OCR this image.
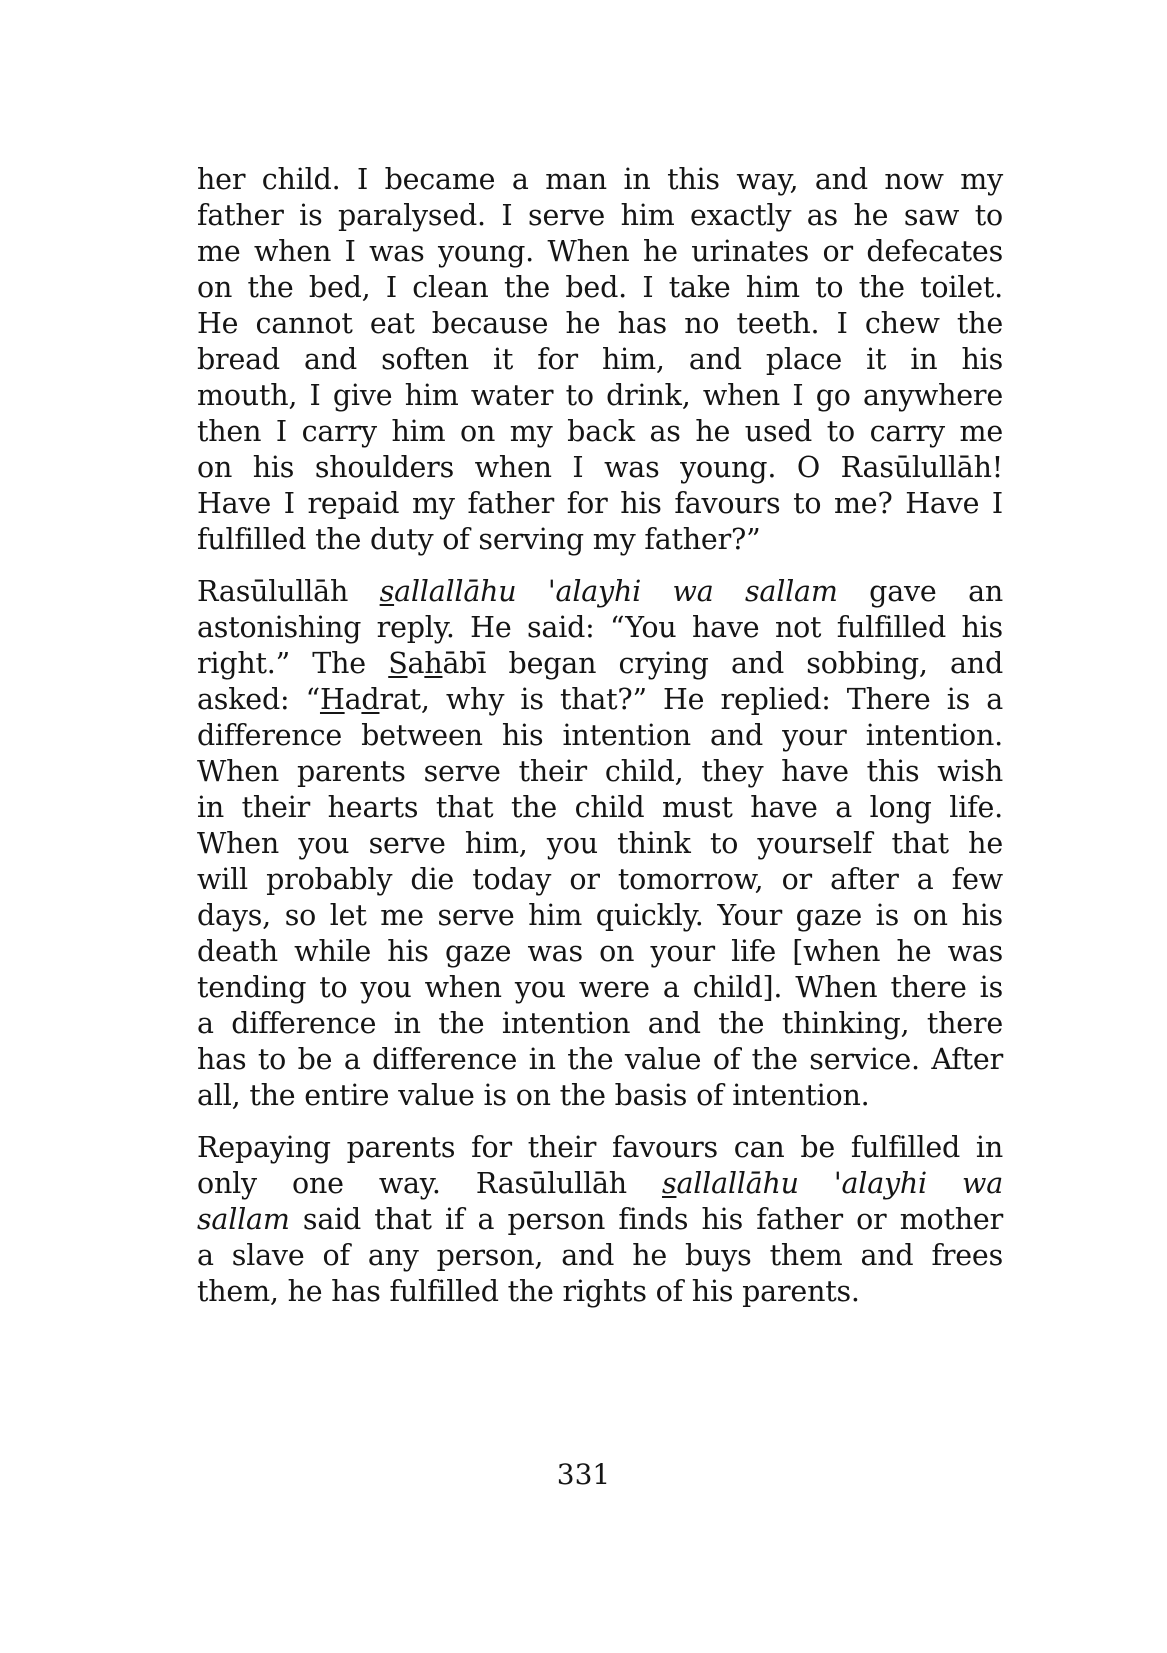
her child. I became a man in this way, and now my
father is paralysed. I serve him exactly as he saw to
me when I was young. When he urinates or defecates
on the bed, I clean the bed. I take him to the toilet.
He cannot eat because he has no teeth. I chew the
bread and soften it for him, and place it in his
mouth, I give him water to drink, when I go anywhere
then I carry him on my back as he used to carry me
on his shoulders when I was young. O Rasūlullāh!
Have I repaid my father for his favours to me? Have I
fulfilled the duty of serving my father?”
Rasūlullāh sallallāhu 'alayhi wa sallam gave an
astonishing reply. He said: “You have not fulfilled his
right.” The Sahābī began crying and sobbing, and
asked: “Hadrat, why is that?” He replied: There is a
difference between his intention and your intention.
When parents serve their child, they have this wish
in their hearts that the child must have a long life.
When you serve him, you think to yourself that he
will probably die today or tomorrow, or after a few
days, so let me serve him quickly. Your gaze is on his
death while his gaze was on your life [when he was
tending to you when you were a child]. When there is
a difference in the intention and the thinking, there
has to be a difference in the value of the service. After
all, the entire value is on the basis of intention.
Repaying parents for their favours can be fulfilled in
only one way. Rasūlullāh sallallāhu 'alayhi wa
sallam said that if a person finds his father or mother
a slave of any person, and he buys them and frees
them, he has fulfilled the rights of his parents.
331
